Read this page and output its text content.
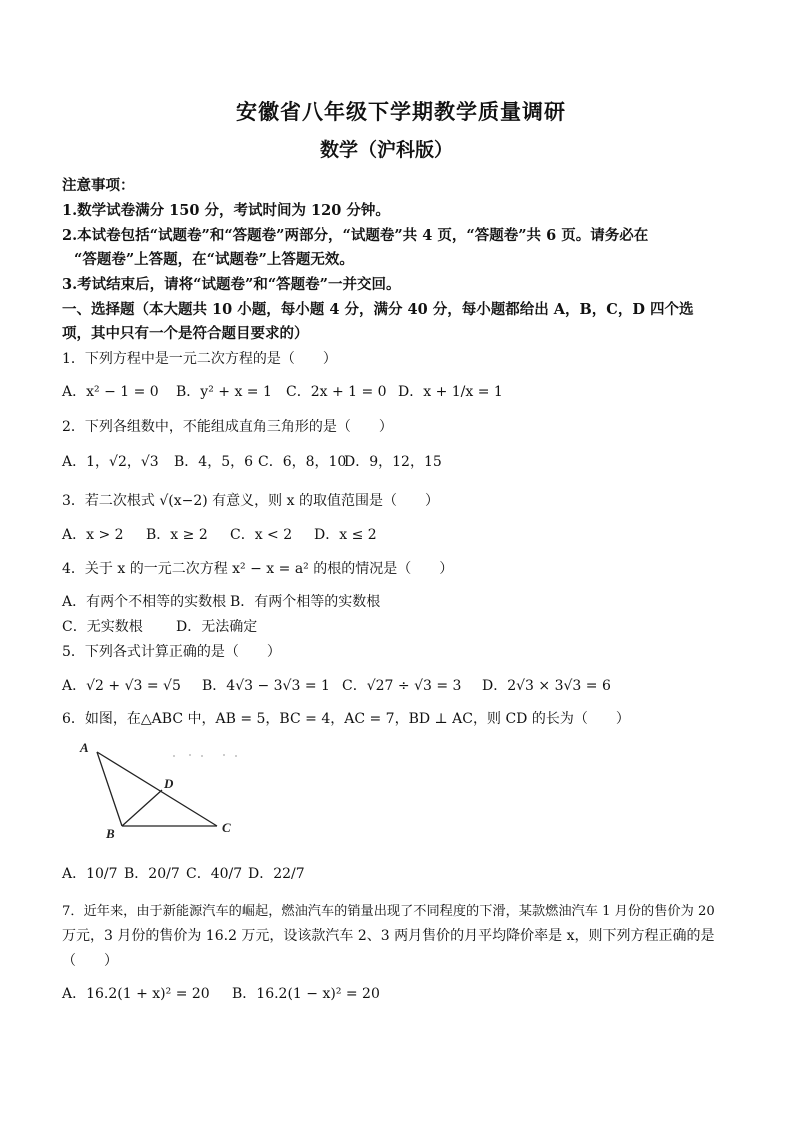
安徽省八年级下学期教学质量调研
数学（沪科版）
注意事项：
1.数学试卷满分 150 分，考试时间为 120 分钟。
2.本试卷包括“试题卷”和“答题卷”两部分，“试题卷”共 4 页，“答题卷”共 6 页。请务必在
“答题卷”上答题，在“试题卷”上答题无效。
3.考试结束后，请将“试题卷”和“答题卷”一并交回。
一、选择题（本大题共 10 小题，每小题 4 分，满分 40 分，每小题都给出 A，B，C，D 四个选
项，其中只有一个是符合题目要求的）
1．下列方程中是一元二次方程的是（　　）
A．x² − 1 = 0 B．y² + x = 1 C．2x + 1 = 0 D．x + 1/x = 1
2．下列各组数中，不能组成直角三角形的是（　　）
A．1，√2，√3 B．4，5，6 C．6，8，10
D．9，12，15
3．若二次根式 √(x−2) 有意义，则 x 的取值范围是（　　）
A．x > 2 B．x ≥ 2 C．x < 2 D．x ≤ 2
4．关于 x 的一元二次方程 x² − x = a² 的根的情况是（　　）
A．有两个不相等的实数根 B．有两个相等的实数根
C．无实数根 D．无法确定
5．下列各式计算正确的是（　　）
A．√2 + √3 = √5 B．4√3 − 3√3 = 1 C．√27 ÷ √3 = 3 D．2√3 × 3√3 = 6
6．如图，在△ABC 中，AB = 5，BC = 4，AC = 7，BD ⊥ AC，则 CD 的长为（　　）
A
B	C
D
A．10/7 B．20/7 C．40/7 D．22/7
7．近年来，由于新能源汽车的崛起，燃油汽车的销量出现了不同程度的下滑，某款燃油汽车 1 月份的售价为 20
万元，3 月份的售价为 16.2 万元，设该款汽车 2、3 两月售价的月平均降价率是 x，则下列方程正确的是
（　　）
A．16.2(1 + x)² = 20 B．16.2(1 − x)² = 20
